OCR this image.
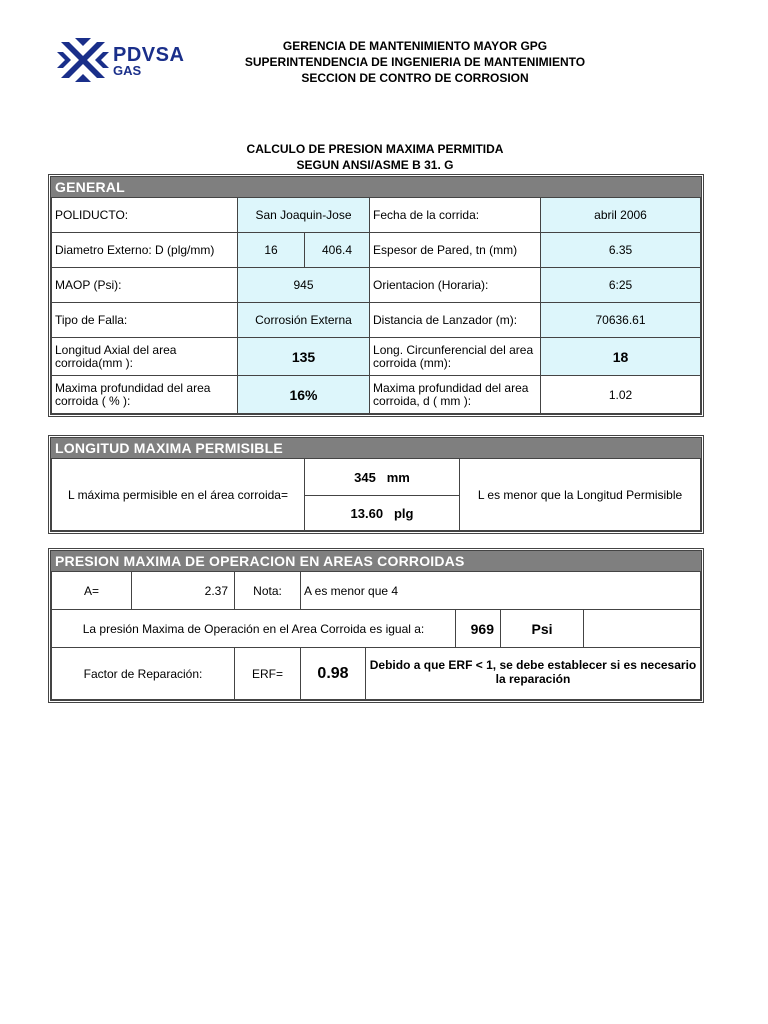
PDVSA
GAS
GERENCIA DE MANTENIMIENTO MAYOR GPG
SUPERINTENDENCIA DE INGENIERIA DE MANTENIMIENTO
SECCION DE CONTRO DE CORROSION
CALCULO DE PRESION MAXIMA PERMITIDA
SEGUN ANSI/ASME B 31. G
GENERAL
POLIDUCTO:	San Joaquin-Jose		Fecha de la corrida:	abril 2006
Diametro Externo: D (plg/mm)	16	406.4	Espesor de Pared, tn (mm)	6.35
MAOP (Psi):	945		Orientacion (Horaria):	6:25
Tipo de Falla:	Corrosión Externa		Distancia de Lanzador (m):	70636.61
Longitud Axial del area corroida(mm ):	135		Long. Circunferencial del area corroida (mm):	18
Maxima profundidad del area corroida ( % ):	16%		Maxima profundidad del area corroida, d ( mm ):	1.02
LONGITUD MAXIMA PERMISIBLE
L máxima permisible en el área corroida=	345 mm	L es menor que la Longitud Permisible
13.60 plg
PRESION MAXIMA DE OPERACION EN AREAS CORROIDAS
A=	2.37	Nota:	A es menor que 4				
La presión Maxima de Operación en el Area Corroida es igual a:					969	Psi	
Factor de Reparación:		ERF=	0.98	Debido a que ERF < 1, se debe establecer si es necesario la reparación			
